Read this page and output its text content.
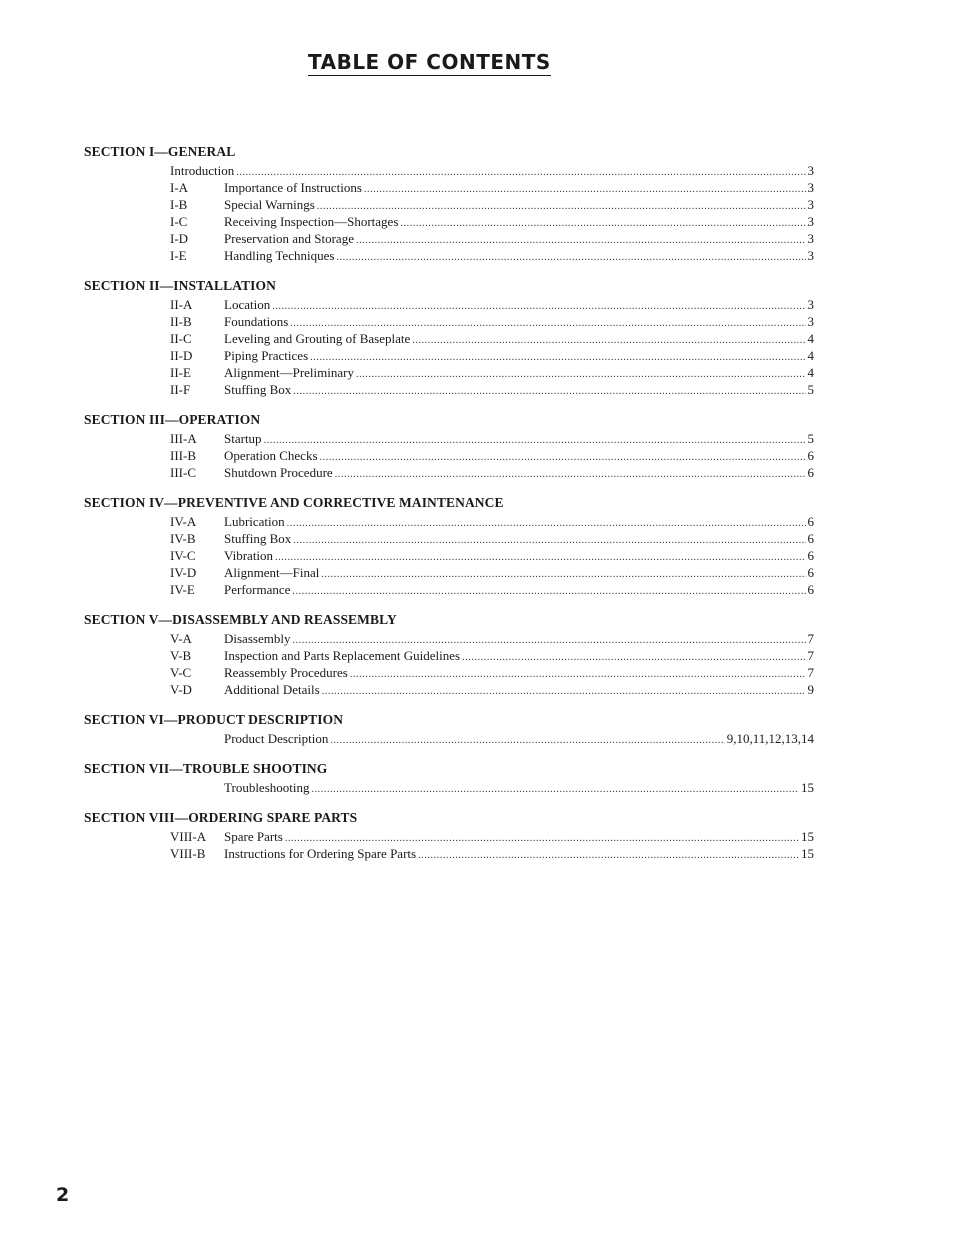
TABLE OF CONTENTS
SECTION I—GENERAL
Introduction .....	3
I-A	Importance of Instructions .....	3
I-B	Special Warnings .....	3
I-C	Receiving Inspection—Shortages .....	3
I-D	Preservation and Storage .....	3
I-E	Handling Techniques .....	3
SECTION II—INSTALLATION
II-A	Location .....	3
II-B	Foundations .....	3
II-C	Leveling and Grouting of Baseplate .....	4
II-D	Piping Practices .....	4
II-E	Alignment—Preliminary .....	4
II-F	Stuffing Box .....	5
SECTION III—OPERATION
III-A	Startup .....	5
III-B	Operation Checks .....	6
III-C	Shutdown Procedure .....	6
SECTION IV—PREVENTIVE AND CORRECTIVE MAINTENANCE
IV-A	Lubrication .....	6
IV-B	Stuffing Box .....	6
IV-C	Vibration .....	6
IV-D	Alignment—Final .....	6
IV-E	Performance .....	6
SECTION V—DISASSEMBLY AND REASSEMBLY
V-A	Disassembly .....	7
V-B	Inspection and Parts Replacement Guidelines .....	7
V-C	Reassembly Procedures .....	7
V-D	Additional Details .....	9
SECTION VI—PRODUCT DESCRIPTION
Product Description .....	9,10,11,12,13,14
SECTION VII—TROUBLE SHOOTING
Troubleshooting .....	15
SECTION VIII—ORDERING SPARE PARTS
VIII-A	Spare Parts .....	15
VIII-B	Instructions for Ordering Spare Parts .....	15
2
